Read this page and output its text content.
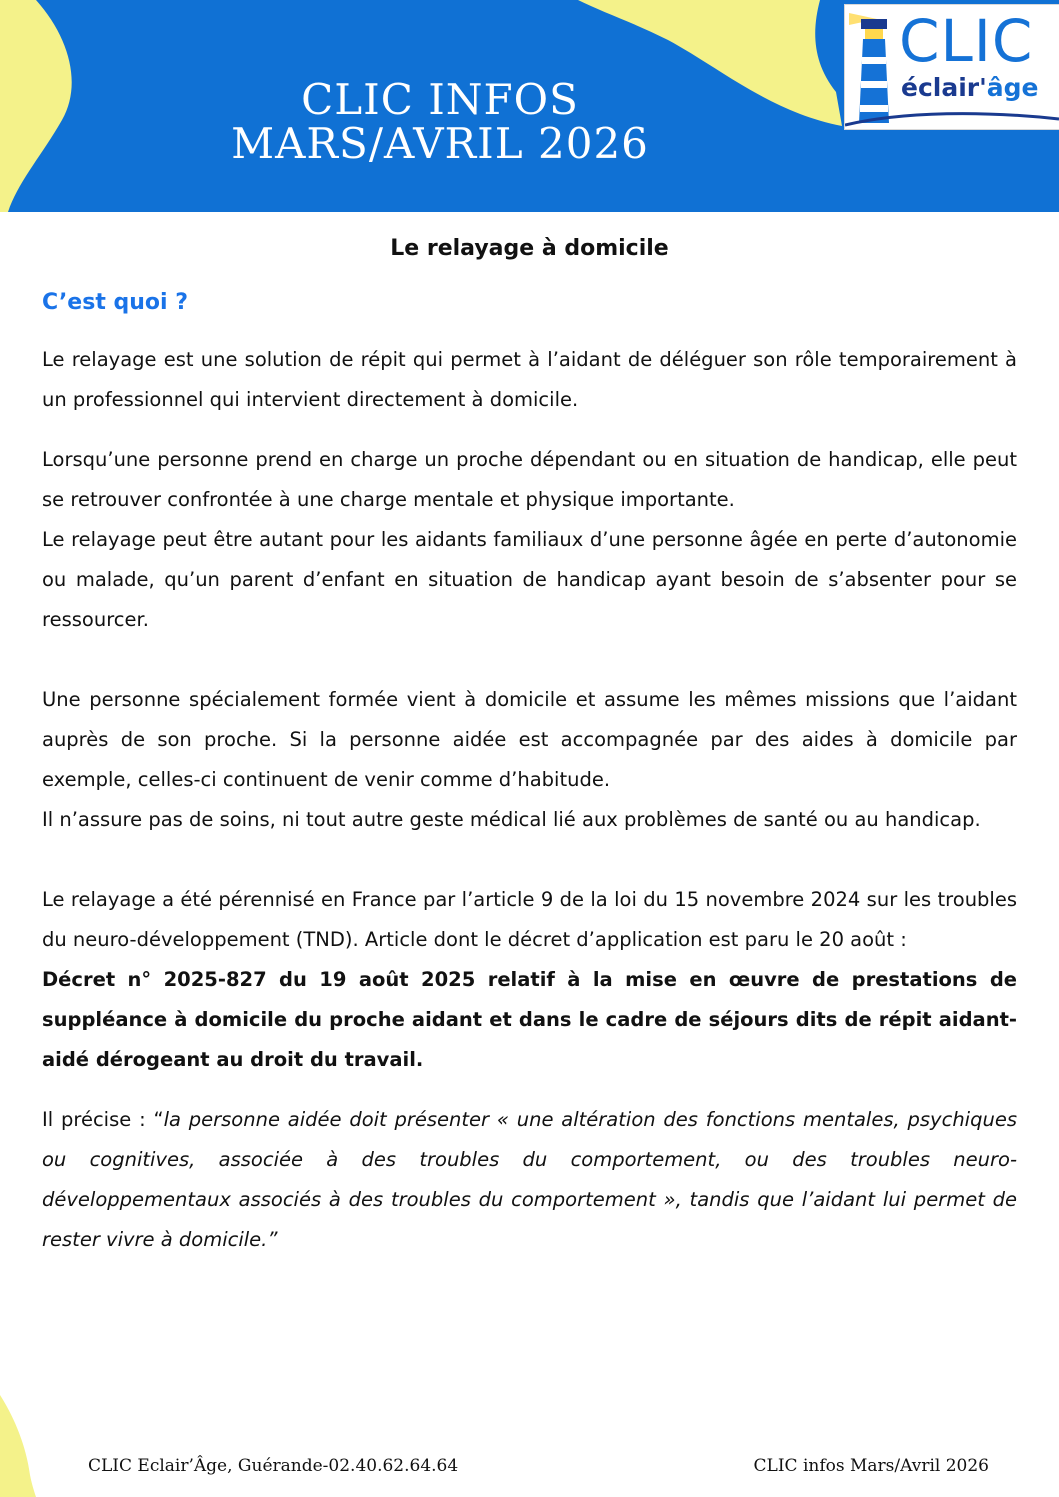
CLIC INFOS
MARS/AVRIL 2026
CLIC
éclair'âge
Le relayage à domicile
C’est quoi ?

Le relayage est une solution de répit qui permet à l’aidant de déléguer son rôle temporairement à un professionnel qui intervient directement à domicile.

Lorsqu’une personne prend en charge un proche dépendant ou en situation de handicap, elle peut se retrouver confrontée à une charge mentale et physique importante.

Le relayage peut être autant pour les aidants familiaux d’une personne âgée en perte d’autonomie ou malade, qu’un parent d’enfant en situation de handicap ayant besoin de s’absenter pour se ressourcer.

Une personne spécialement formée vient à domicile et assume les mêmes missions que l’aidant auprès de son proche. Si la personne aidée est accompagnée par des aides à domicile par exemple, celles-ci continuent de venir comme d’habitude.

Il n’assure pas de soins, ni tout autre geste médical lié aux problèmes de santé ou au handicap.

Le relayage a été pérennisé en France par l’article 9 de la loi du 15 novembre 2024 sur les troubles du neuro-développement (TND). Article dont le décret d’application est paru le 20 août :

Décret n° 2025-827 du 19 août 2025 relatif à la mise en œuvre de prestations de suppléance à domicile du proche aidant et dans le cadre de séjours dits de répit aidant-aidé dérogeant au droit du travail.

Il précise : “la personne aidée doit présenter « une altération des fonctions mentales, psychiques ou cognitives, associée à des troubles du comportement, ou des troubles neuro-développementaux associés à des troubles du comportement », tandis que l’aidant lui permet de rester vivre à domicile.”

CLIC Eclair’Âge, Guérande-02.40.62.64.64	CLIC infos Mars/Avril 2026
